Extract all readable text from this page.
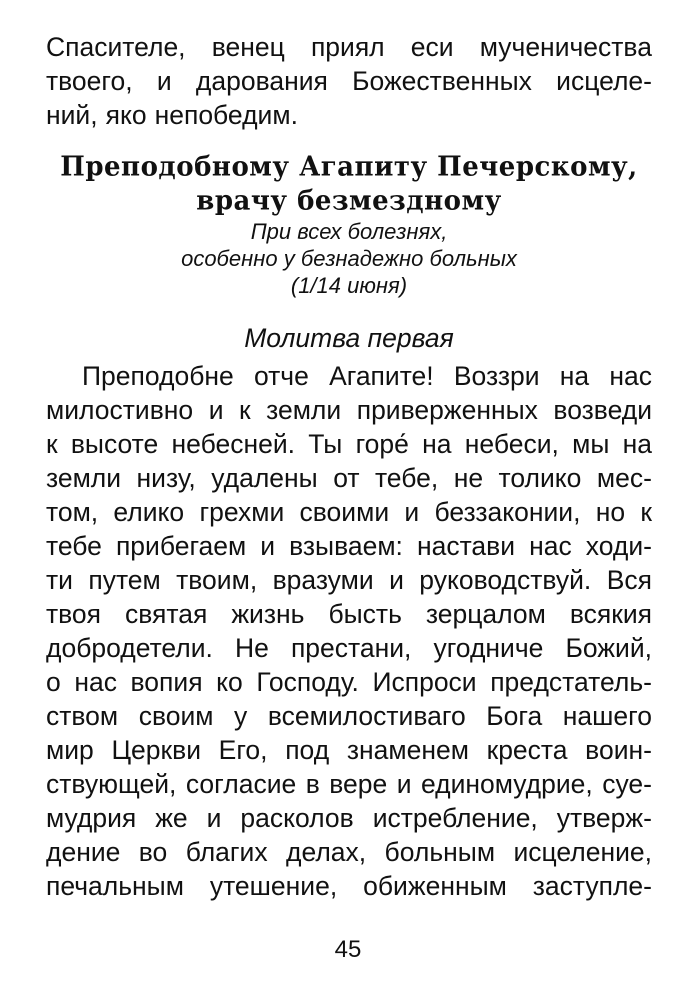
Спасителе, венец приял еси мученичества
твоего, и дарования Божественных исцеле-
ний, яко непобедим.
Преподобному Агапиту Печерскому,
врачу безмездному
При всех болезнях,
особенно у безнадежно больных
(1/14 июня)
Молитва первая
Преподобне отче Агапите! Воззри на нас
милостивно и к земли приверженных возведи
к высоте небесней. Ты горе́ на небеси, мы на
земли низу, удалены от тебе, не толико мес-
том, елико грехми своими и беззаконии, но к
тебе прибегаем и взываем: настави нас ходи-
ти путем твоим, вразуми и руководствуй. Вся
твоя святая жизнь бысть зерцалом всякия
добродетели. Не престани, угодниче Божий,
о нас вопия ко Господу. Испроси предстатель-
ством своим у всемилостиваго Бога нашего
мир Церкви Его, под знаменем креста воин-
ствующей, согласие в вере и единомудрие, суе-
мудрия же и расколов истребление, утверж-
дение во благих делах, больным исцеление,
печальным утешение, обиженным заступле-
45
